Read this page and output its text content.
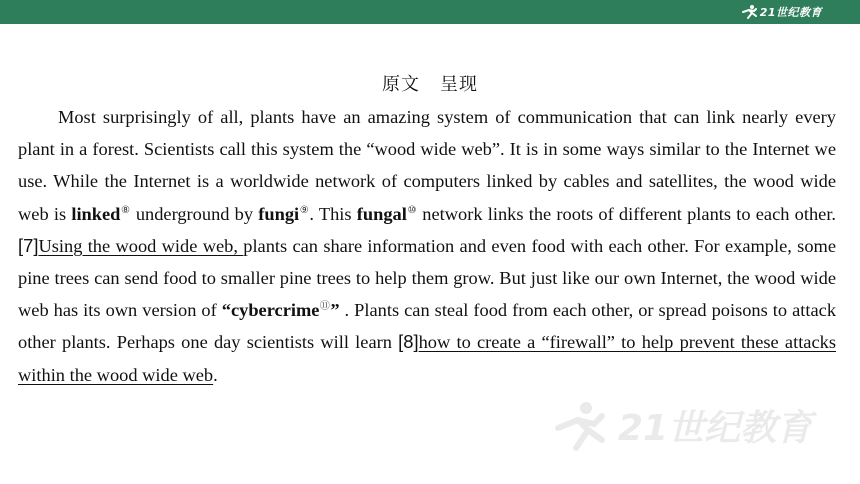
21世纪教育
原文 呈现

Most surprisingly of all, plants have an amazing system of communication that can link nearly every plant in a forest. Scientists call this system the “wood wide web”. It is in some ways similar to the Internet we use. While the Internet is a worldwide network of computers linked by cables and satellites, the wood wide web is linked⑧ underground by fungi⑨. This fungal⑩ network links the roots of different plants to each other. [7]Using the wood wide web, plants can share information and even food with each other. For example, some pine trees can send food to smaller pine trees to help them grow. But just like our own Internet, the wood wide web has its own version of “cybercrime⑪” . Plants can steal food from each other, or spread poisons to attack other plants. Perhaps one day scientists will learn [8]how to create a “firewall” to help prevent these attacks within the wood wide web.

21世纪教育
